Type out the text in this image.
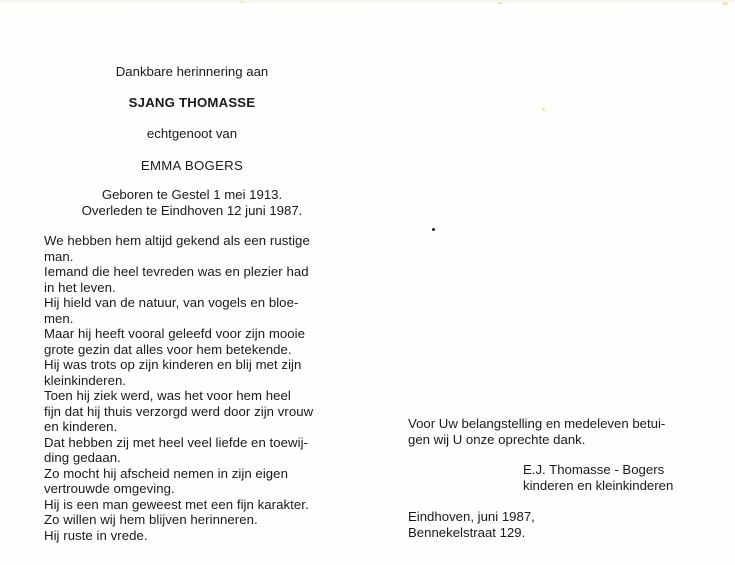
Dankbare herinnering aan
SJANG THOMASSE
echtgenoot van
EMMA BOGERS
Geboren te Gestel 1 mei 1913.
Overleden te Eindhoven 12 juni 1987.
We hebben hem altijd gekend als een rustige
man.
Iemand die heel tevreden was en plezier had
in het leven.
Hij hield van de natuur, van vogels en bloe-
men.
Maar hij heeft vooral geleefd voor zijn mooie
grote gezin dat alles voor hem betekende.
Hij was trots op zijn kinderen en blij met zijn
kleinkinderen.
Toen hij ziek werd, was het voor hem heel
fijn dat hij thuis verzorgd werd door zijn vrouw
en kinderen.
Dat hebben zij met heel veel liefde en toewij-
ding gedaan.
Zo mocht hij afscheid nemen in zijn eigen
vertrouwde omgeving.
Hij is een man geweest met een fijn karakter.
Zo willen wij hem blijven herinneren.
Hij ruste in vrede.
Voor Uw belangstelling en medeleven betui-
gen wij U onze oprechte dank.
E.J. Thomasse - Bogers
kinderen en kleinkinderen
Eindhoven, juni 1987,
Bennekelstraat 129.
